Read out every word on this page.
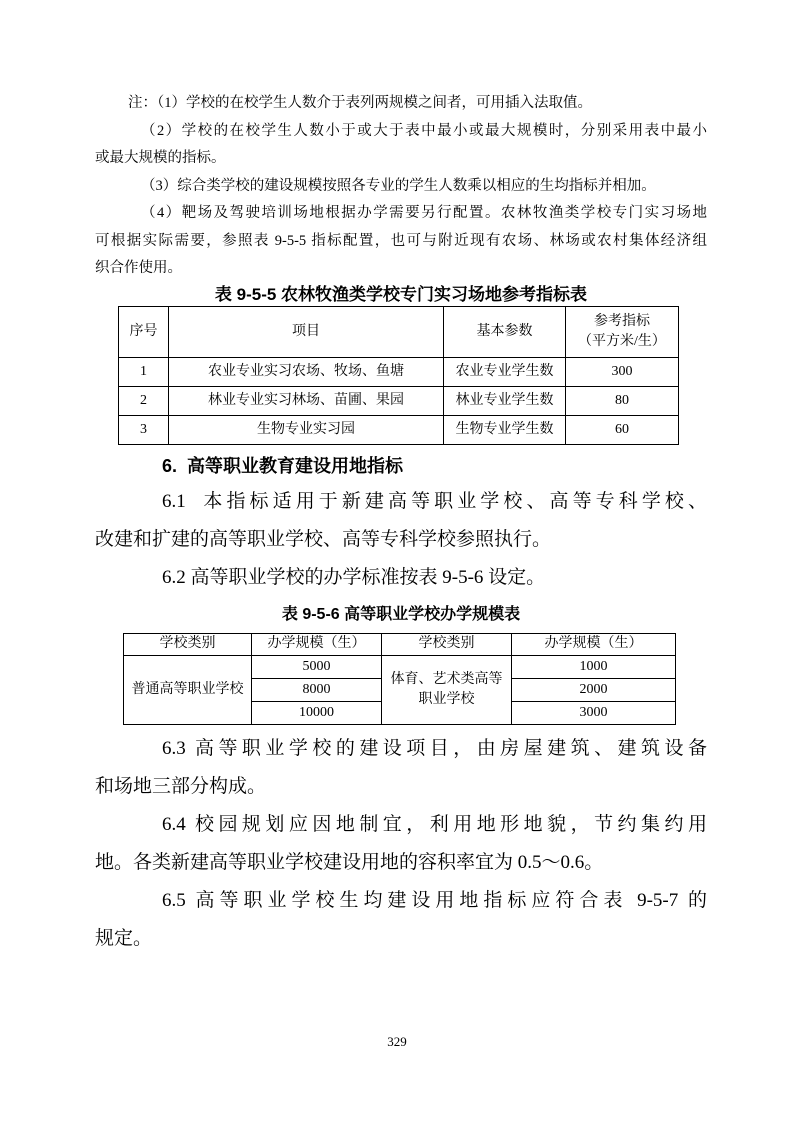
注：（1）学校的在校学生人数介于表列两规模之间者，可用插入法取值。
（2）学校的在校学生人数小于或大于表中最小或最大规模时，分别采用表中最小
或最大规模的指标。
（3）综合类学校的建设规模按照各专业的学生人数乘以相应的生均指标并相加。
（4）靶场及驾驶培训场地根据办学需要另行配置。农林牧渔类学校专门实习场地
可根据实际需要，参照表 9-5-5 指标配置，也可与附近现有农场、林场或农村集体经济组
织合作使用。
表 9-5-5 农林牧渔类学校专门实习场地参考指标表
序号	项目	基本参数	参考指标
（平方米/生）

1	农业专业实习农场、牧场、鱼塘	农业专业学生数	300
2	林业专业实习林场、苗圃、果园	林业专业学生数	80
3	生物专业实习园	生物专业学生数	60
6.  高等职业教育建设用地指标
6.1  本指标适用于新建高等职业学校、高等专科学校、
改建和扩建的高等职业学校、高等专科学校参照执行。
6.2 高等职业学校的办学标准按表 9-5-6 设定。
表 9-5-6 高等职业学校办学规模表
学校类别	办学规模（生）	学校类别	办学规模（生）
普通高等职业学校	5000	体育、艺术类高等职业学校	1000
	8000		2000
	10000		3000
6.3 高等职业学校的建设项目，由房屋建筑、建筑设备
和场地三部分构成。
6.4 校园规划应因地制宜，利用地形地貌，节约集约用
地。各类新建高等职业学校建设用地的容积率宜为 0.5～0.6。
6.5 高等职业学校生均建设用地指标应符合表 9-5-7 的
规定。
329
